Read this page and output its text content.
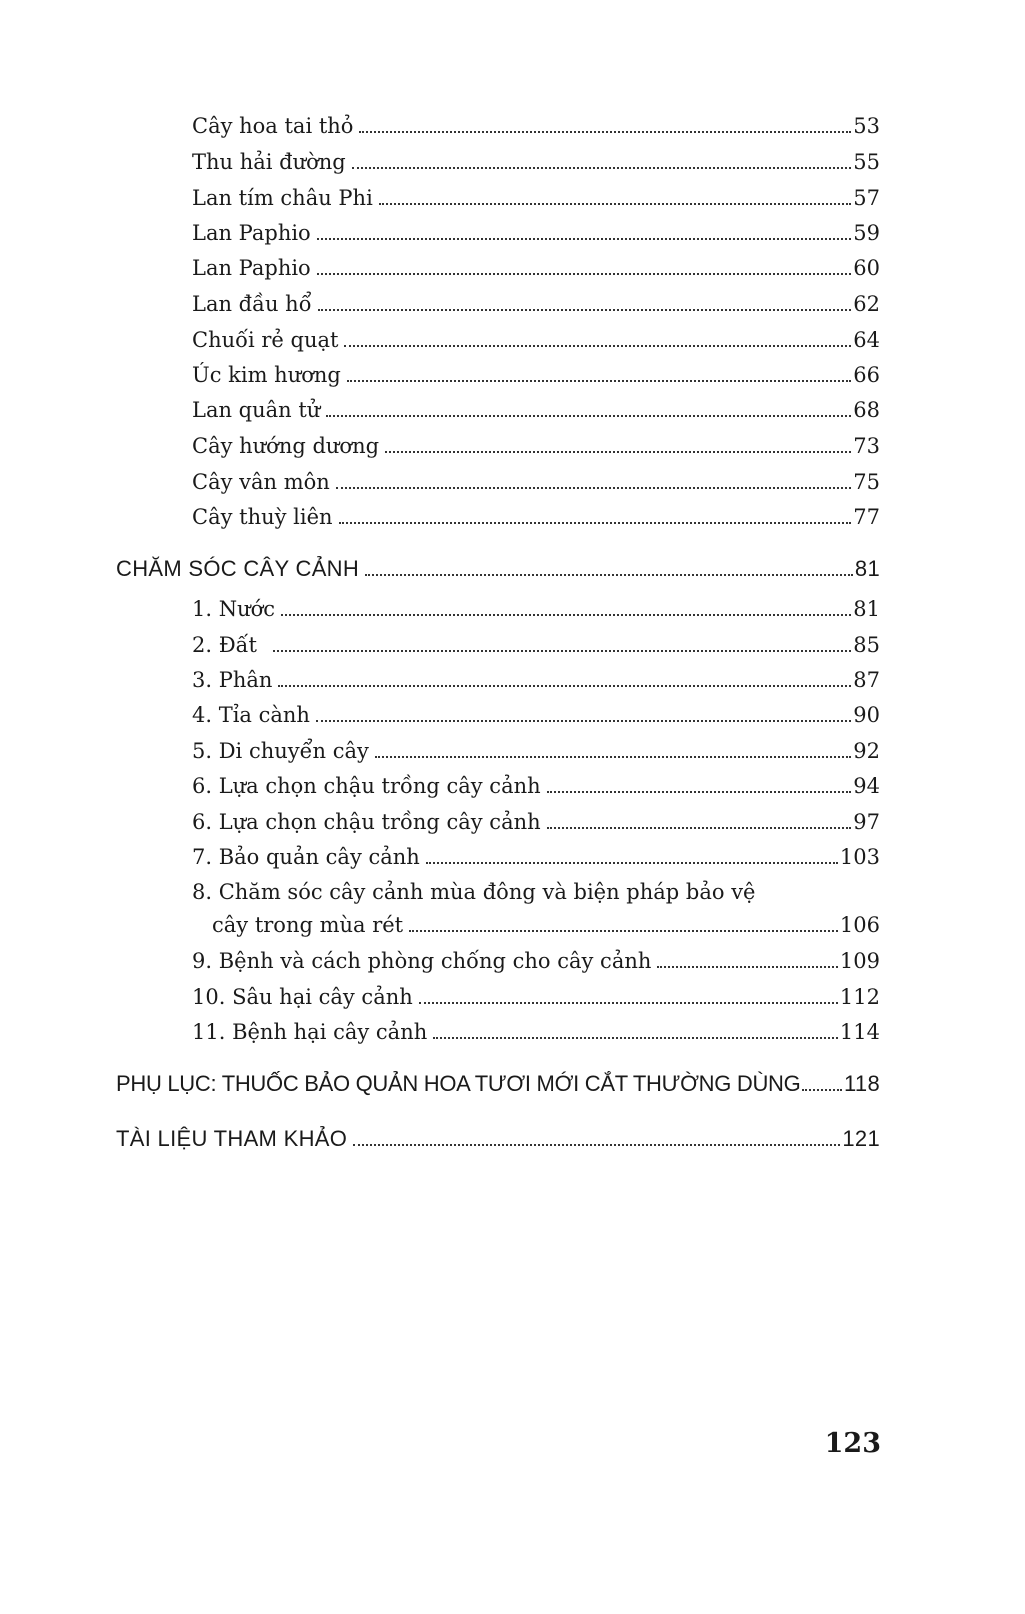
Cây hoa tai thỏ	53
Thu hải đường	55
Lan tím châu Phi	57
Lan Paphio	59
Lan Paphio	60
Lan đầu hổ	62
Chuối rẻ quạt	64
Úc kim hương	66
Lan quân tử	68
Cây hướng dương	73
Cây vân môn	75
Cây thuỳ liên	77
CHĂM SÓC CÂY CẢNH	81
1. Nước	81
2. Đất	85
3. Phân	87
4. Tỉa cành	90
5. Di chuyển cây	92
6. Lựa chọn chậu trồng cây cảnh	94
6. Lựa chọn chậu trồng cây cảnh	97
7. Bảo quản cây cảnh	103
8. Chăm sóc cây cảnh mùa đông và biện pháp bảo vệ
cây trong mùa rét	106
9. Bệnh và cách phòng chống cho cây cảnh	109
10. Sâu hại cây cảnh	112
11. Bệnh hại cây cảnh	114
PHỤ LỤC: THUỐC BẢO QUẢN HOA TƯƠI MỚI CẮT THƯỜNG DÙNG 118
TÀI LIỆU THAM KHẢO	121
123
